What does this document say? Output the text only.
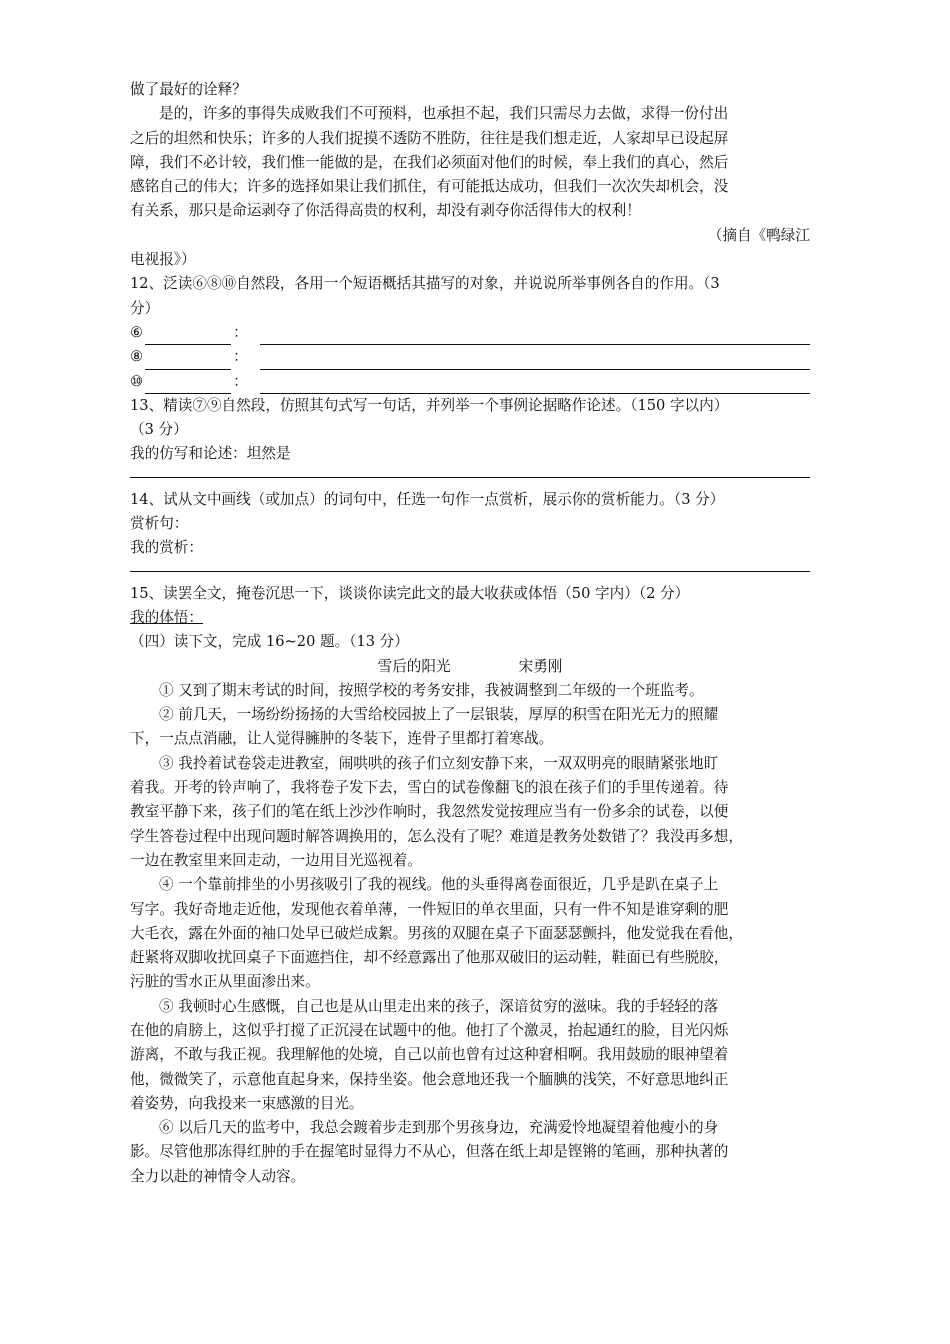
做了最好的诠释？
是的，许多的事得失成败我们不可预料，也承担不起，我们只需尽力去做，求得一份付出
之后的坦然和快乐；许多的人我们捉摸不透防不胜防，往往是我们想走近，人家却早已设起屏
障，我们不必计较，我们惟一能做的是，在我们必须面对他们的时候，奉上我们的真心，然后
感铭自己的伟大；许多的选择如果让我们抓住，有可能抵达成功，但我们一次次失却机会，没
有关系，那只是命运剥夺了你活得高贵的权利，却没有剥夺你活得伟大的权利！
（摘自《鸭绿江
电视报》）
12、泛读⑥⑧⑩自然段，各用一个短语概括其描写的对象，并说说所举事例各自的作用。（3
分）
⑥	：
⑧	：
⑩	：
13、精读⑦⑨自然段，仿照其句式写一句话，并列举一个事例论据略作论述。（150 字以内）
（3 分）
我的仿写和论述：坦然是
14、试从文中画线（或加点）的词句中，任选一句作一点赏析，展示你的赏析能力。（3 分）
赏析句：
我的赏析：
15、读罢全文，掩卷沉思一下，谈谈你读完此文的最大收获或体悟（50 字内）（2 分）
我的体悟：
（四）读下文，完成 16~20 题。（13 分）
雪后的阳光	宋勇刚
① 又到了期末考试的时间，按照学校的考务安排，我被调整到二年级的一个班监考。
② 前几天，一场纷纷扬扬的大雪给校园披上了一层银装，厚厚的积雪在阳光无力的照耀
下，一点点消融，让人觉得臃肿的冬装下，连骨子里都打着寒战。
③ 我拎着试卷袋走进教室，闹哄哄的孩子们立刻安静下来，一双双明亮的眼睛紧张地盯
着我。开考的铃声响了，我将卷子发下去，雪白的试卷像翻飞的浪在孩子们的手里传递着。待
教室平静下来，孩子们的笔在纸上沙沙作响时，我忽然发觉按理应当有一份多余的试卷，以便
学生答卷过程中出现问题时解答调换用的，怎么没有了呢？难道是教务处数错了？我没再多想，
一边在教室里来回走动，一边用目光巡视着。
④ 一个靠前排坐的小男孩吸引了我的视线。他的头垂得离卷面很近，几乎是趴在桌子上
写字。我好奇地走近他，发现他衣着单薄，一件短旧的单衣里面，只有一件不知是谁穿剩的肥
大毛衣，露在外面的袖口处早已破烂成絮。男孩的双腿在桌子下面瑟瑟颤抖，他发觉我在看他，
赶紧将双脚收扰回桌子下面遮挡住，却不经意露出了他那双破旧的运动鞋，鞋面已有些脱胶，
污脏的雪水正从里面渗出来。
⑤ 我顿时心生感慨，自己也是从山里走出来的孩子，深谙贫穷的滋味。我的手轻轻的落
在他的肩膀上，这似乎打搅了正沉浸在试题中的他。他打了个激灵，抬起通红的脸，目光闪烁
游离，不敢与我正视。我理解他的处境，自己以前也曾有过这种窘相啊。我用鼓励的眼神望着
他，微微笑了，示意他直起身来，保持坐姿。他会意地还我一个腼腆的浅笑，不好意思地纠正
着姿势，向我投来一束感激的目光。
⑥ 以后几天的监考中，我总会踱着步走到那个男孩身边，充满爱怜地凝望着他瘦小的身
影。尽管他那冻得红肿的手在握笔时显得力不从心，但落在纸上却是铿锵的笔画，那种执著的
全力以赴的神情令人动容。
